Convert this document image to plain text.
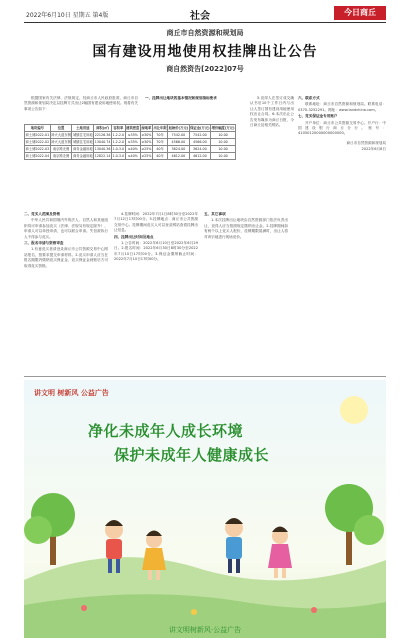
2022年6月10日 星期五 第4版	社会	今日商丘
商丘市自然资源和规划局
国有建设用地使用权挂牌出让公告
商自然资告[2022]07号

根据国家有关法律、法规规定，经商丘市人民政府批准，商丘市自然资源和规划局决定以挂牌方式出让2幅国有建设用地使用权。现将有关事项公告如下：

一、挂牌出让地块的基本情况和规划指标要求

地块编号	位置	土地用途	面积(㎡)	容积率	建筑密度	绿地率	出让年限	起始价(万元)	保证金(万元)	增价幅度(万元)
商土储2022-01	神火大道东侧	城镇住宅用地	22126.36	1.2-2.0	≤35%	≥30%	70年	7542.00	7542.00	10.00
商土储2022-02	神火大道东侧	城镇住宅用地	13040.74	1.2-2.0	≤35%	≥30%	70年	4566.00	4566.00	10.00
商土储2022-03	南京路北侧	商务金融用地	13040.36	1.0-3.0	≤40%	≥25%	40年	3624.00	3624.00	10.00
商土储2022-04	南京路北侧	商务金融用地	12822.14	1.0-3.0	≤40%	≥25%	40年	4612.00	4612.00	10.00

二、竞买人范围及资格

中华人民共和国境内外的法人、自然人和其他组织均可申请参加竞买（法律、法规另有规定除外），申请人可以单独申请，也可以联合申请。失信被执行人不得参与竞买。

三、报名申请与资格审查

1.有意竞买者请登录商丘市公共资源交易中心网站报名，按要求提交申请材料。2.竞买申请人应当在报名期限内缴纳竞买保证金，竞买保证金到账后方可取得竞买资格。

4.挂牌时间：2022年7月1日8时30分至2022年7月12日17时00分。5.挂牌地点：商丘市公共资源交易中心。挂牌期间竞买人可以登录网站查看挂牌出让信息。

四、挂牌出让时间及地点

1.公告时间：2022年6月10日至2022年6月29日。2.报名时间：2022年6月30日8时30分至2022年7月10日17时00分。3.保证金缴纳截止时间：2022年7月10日17时00分。

五、其它事项

1.本次挂牌出让地块由自然资源部门依法负责出让，竞得人应当按照规定缴纳出让金。2.挂牌期间如有两个以上竞买人报价，挂牌期限届满时，出让人将对该宗地进行现场竞价。

5.竞得人在签订成交确认书后10个工作日内与出让人签订国有建设用地使用权出让合同。6.本次出让公告发布媒体为商丘日报、今日商丘及相关网站。

六、联系方式

联系地址：商丘市自然资源和规划局。联系电话：0370-3252291。网址：www.landchina.com。

七、竞买保证金专用账户

开户单位：商丘市公共资源交易中心。开户行：中国建设银行商丘分行。账号：41050120000000000000。

商丘市自然资源和规划局

2022年6月8日

讲文明树新风·公益广告
讲文明 树新风 公益广告
净化未成年人成长环境
保护未成年人健康成长
